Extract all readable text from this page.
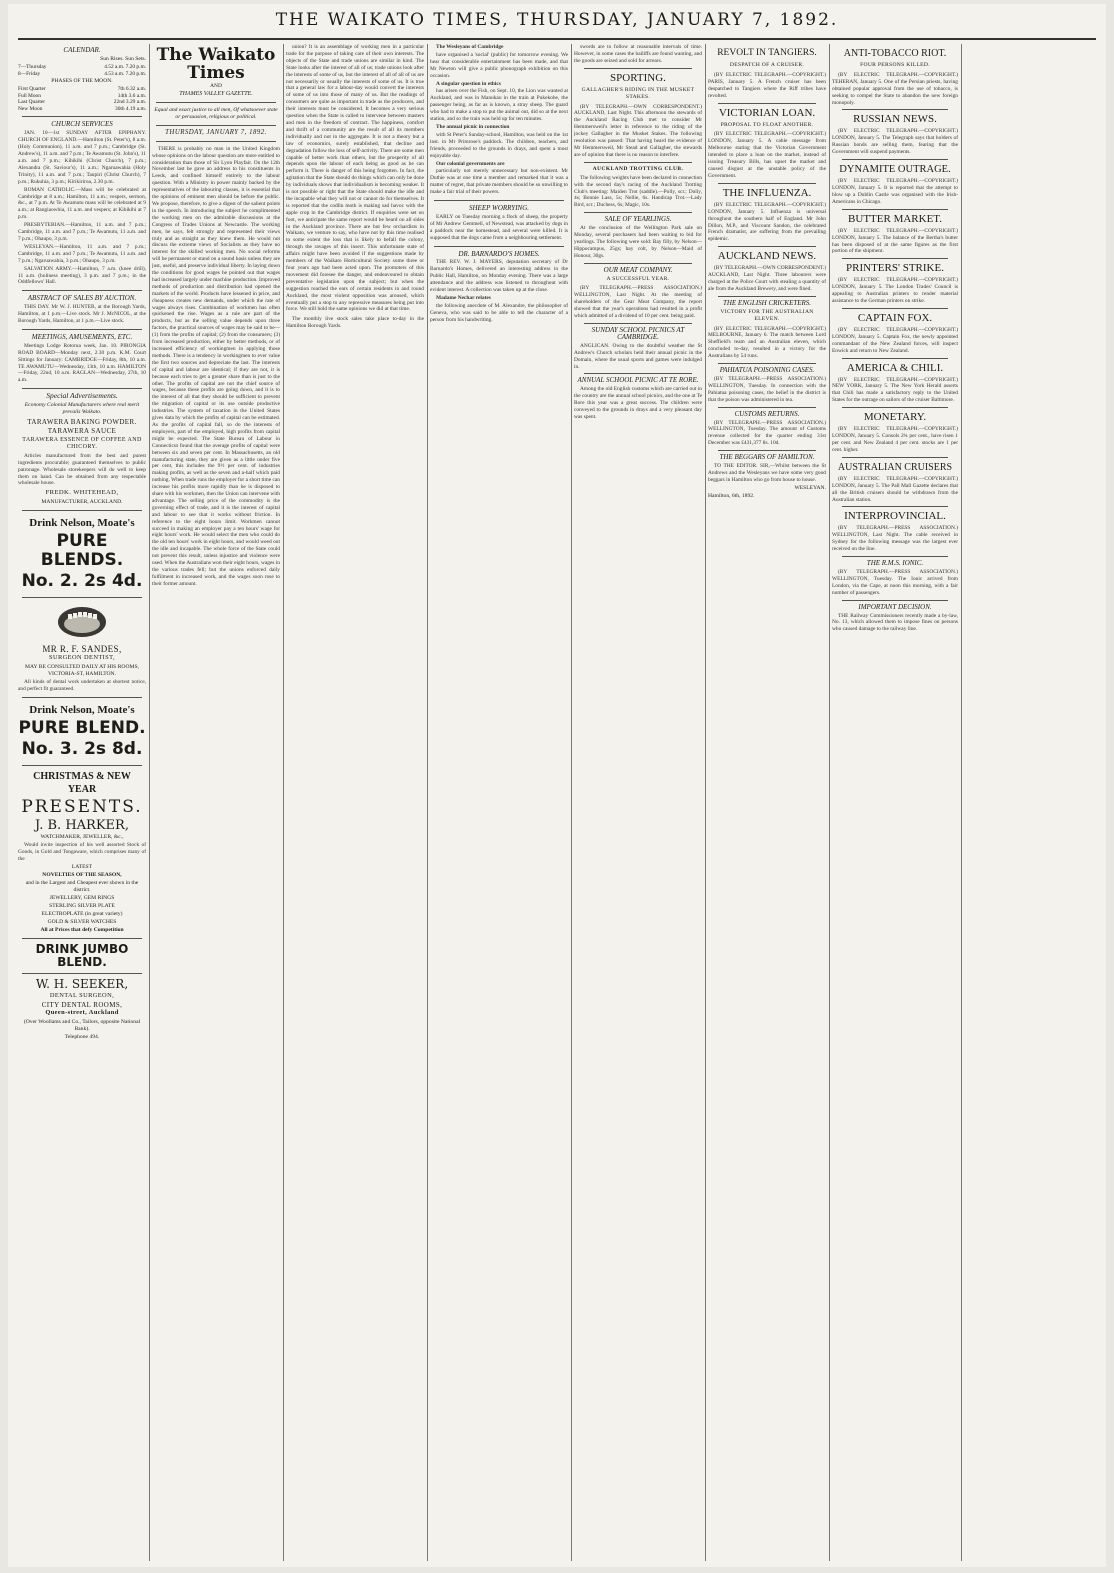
THE WAIKATO TIMES, THURSDAY, JANUARY 7, 1892.
CALENDAR.
Sun Rises. Sun Sets.
7—Thursday	4.52 a.m. 7.20 p.m.
8—Friday	4.53 a.m. 7.20 p.m.
PHASES OF THE MOON.
First Quarter	7th 6.32 a.m.
Full Moon	14th 3.6 a.m.
Last Quarter	22nd 3.29 a.m.
New Moon	30th 4.19 a.m.
CHURCH SERVICES
JAN. 10—1st SUNDAY AFTER EPIPHANY. CHURCH OF ENGLAND.—Hamilton (St. Peter's), 8 a.m. (Holy Communion), 11 a.m. and 7 p.m.; Cambridge (St. Andrew's), 11 a.m. and 7 p.m.; Te Awamutu (St. John's), 11 a.m. and 7 p.m.; Kihikihi (Christ Church), 7 p.m.; Alexandra (St. Saviour's), 11 a.m.; Ngaruawahia (Holy Trinity), 11 a.m. and 7 p.m.; Taupiri (Christ Church), 7 p.m.; Rukuhia, 3 p.m.; Kirikiriroa, 2.30 p.m.
ROMAN CATHOLIC.—Mass will be celebrated at Cambridge at 8 a.m.; Hamilton, 11 a.m.; vespers, sermon, &c., at 7 p.m. At Te Awamutu mass will be celebrated at 9 a.m.; at Rangiaowhia, 11 a.m. and vespers; at Kihikihi at 7 p.m.
PRESBYTERIAN.—Hamilton, 11 a.m. and 7 p.m.; Cambridge, 11 a.m. and 7 p.m.; Te Awamutu, 11 a.m. and 7 p.m.; Ohaupo, 3 p.m.
WESLEYAN.—Hamilton, 11 a.m. and 7 p.m.; Cambridge, 11 a.m. and 7 p.m.; Te Awamutu, 11 a.m. and 7 p.m.; Ngaruawahia, 3 p.m.; Ohaupo, 3 p.m.
SALVATION ARMY.—Hamilton, 7 a.m. (knee drill), 11 a.m. (holiness meeting), 3 p.m. and 7 p.m.; in the Oddfellows' Hall.
ABSTRACT OF SALES BY AUCTION.
THIS DAY. Mr W. J. HUNTER, at the Borough Yards, Hamilton, at 1 p.m.—Live stock. Mr J. McNICOL, at the Borough Yards, Hamilton, at 1 p.m.—Live stock.
MEETINGS, AMUSEMENTS, ETC.
Meetings Lodge Rotorua week, Jan. 10. PIRONGIA ROAD BOARD—Monday next, 2.30 p.m. K.M. Court Sittings for January: CAMBRIDGE—Friday, 8th, 10 a.m. TE AWAMUTU—Wednesday, 13th, 10 a.m. HAMILTON—Friday, 22nd, 10 a.m. RAGLAN—Wednesday, 27th, 10 a.m.
Special Advertisements.
Economy Colonial Manufacturers where real merit prevails Waikato.
TARAWERA BAKING POWDER.
TARAWERA SAUCE
TARAWERA ESSENCE OF COFFEE AND CHICORY.
Articles manufactured from the best and purest ingredients procurable; guaranteed themselves to public patronage. Wholesale storekeepers will do well to keep them on hand. Can be obtained from any respectable wholesale house.
FREDK. WHITEHEAD,
MANUFACTURER, AUCKLAND.
Drink Nelson, Moate's
PURE BLENDS.
No. 2. 2s 4d.
MR R. F. SANDES,
SURGEON DENTIST,
MAY BE CONSULTED DAILY AT HIS ROOMS, VICTORIA-ST, HAMILTON.
All kinds of dental work undertaken at shortest notice, and perfect fit guaranteed.
Drink Nelson, Moate's
PURE BLEND.
No. 3. 2s 8d.
CHRISTMAS & NEW YEAR
PRESENTS.
J. B. HARKER,
WATCHMAKER, JEWELLER, &c.,
Would invite inspection of his well assorted Stock of Goods, in Gold and Tongaware, which comprises many of the
LATEST
NOVELTIES OF THE SEASON,
and in the Largest and Cheapest ever shown in the district.
JEWELLERY, GEM RINGS
STERLING SILVER PLATE
ELECTROPLATE (in great variety)
GOLD & SILVER WATCHES
All at Prices that defy Competition
DRINK JUMBO BLEND.
W. H. SEEKER,
DENTAL SURGEON,
CITY DENTAL ROOMS,
Queen-street, Auckland
(Over Woollams and Co., Tailors, opposite National Bank).
Telephone 494.
The Waikato Times
AND
THAMES VALLEY GAZETTE.
Equal and exact justice to all men, Of whatsoever state or persuasion, religious or political.
THURSDAY, JANUARY 7, 1892.
THERE is probably no man in the United Kingdom whose opinions on the labour question are more entitled to consideration than those of Sir Lyon Playfair. On the 12th November last he gave an address to his constituents in Leeds, and confined himself entirely to the labour question. With a Ministry in power mainly backed by the representatives of the labouring classes, it is essential that the opinions of eminent men should be before the public. We propose, therefore, to give a digest of the salient points in the speech. In introducing the subject he complimented the working men on the admirable discussions at the Congress of Trades Unions at Newcastle. The working men, he says, felt strongly and represented their views truly and as straight as they knew them. He would not discuss the extreme views of Socialists as they have no interest for the skilled working men. No social reforms will be permanent or stand on a sound basis unless they are just, useful, and preserve individual liberty. In laying down the conditions for good wages he pointed out that wages had increased largely under machine production. Improved methods of production and distribution had opened the markets of the world. Products have lessened in price, and cheapness creates new demands, under which the rate of wages always rises. Combination of workmen has often quickened the rise. Wages as a rule are part of the products, but as the selling value depends upon three factors, the practical sources of wages may be said to be—(1) from the profits of capital; (2) from the consumers; (3) from increased production, either by better methods, or of increased efficiency of workingmen in applying those methods. There is a tendency in workingmen to ever value the first two sources and depreciate the last. The interests of capital and labour are identical; if they are not, it is because each tries to get a greater share than is just to the other. The profits of capital are not the chief source of wages, because these profits are going down, and it is to the interest of all that they should be sufficient to prevent the migration of capital or its use outside productive industries. The system of taxation in the United States gives data by which the profits of capital can be estimated. As the profits of capital fall, so do the interests of employers, part of the employed, high profits from capital might be expected. The State Bureau of Labour in Connecticut found that the average profits of capital were between six and seven per cent. In Massachusetts, an old manufacturing state, they are given as a little under five per cent, this includes the 9½ per cent. of industries making profits, as well as the seven and a-half which paid nothing. When trade runs the employer for a short time can increase his profits more rapidly than he is disposed to share with his workmen, then the Union can intervene with advantage. The selling price of the commodity is the governing effect of trade, and it is the interest of capital and labour to see that it works without friction. In reference to the eight hours limit. Workmen cannot succeed in making an employer pay a ten hours' wage for eight hours' work. He would select the men who could do the old ten hours' work in eight hours, and would weed out the idle and incapable. The whole force of the State could not prevent this result, unless injustice and violence were used. When the Australians won their eight hours, wages in the various trades fell; but the unions enforced daily fulfilment in increased work, and the wages soon rose to their former amount.
union? It is an assemblage of working men in a particular trade for the purpose of taking care of their own interests. The objects of the State and trade unions are similar in kind. The State looks after the interest of all of us; trade unions look after the interests of some of us, but the interest of all of all of us are not necessarily or usually the interests of some of us. It is true that a general law for a labour-day would convert the interests of some of us into those of many of us. But the readings of consumers are quite as important in trade as the producers, and their interests must be considered. It becomes a very serious question when the State is called to intervene between masters and men in the freedom of contract. The happiness, comfort and thrift of a community are the result of all its members individually and not in the aggregate. It is not a theory but a law of economics, surely established, that decline and degradation follow the loss of self-activity. There are some men capable of better work than others, but the prosperity of all depends upon the labour of each being as good as he can perform it. There is danger of this being forgotten. In fact, the agitation that the State should do things which can only be done by individuals shows that individualism is becoming weaker. It is not possible or right that the State should make the idle and the incapable what they will not or cannot do for themselves. It is reported that the codlin moth is making sad havoc with the apple crop in the Cambridge district. If enquiries were set on foot, we anticipate the same report would be heard on all sides in the Auckland province. There are but few orchardists in Waikato, we venture to say, who have not by this time realised to some extent the loss that is likely to befall the colony, through the ravages of this insect. This unfortunate state of affairs might have been avoided if the suggestions made by members of the Waikato Horticultural Society some three or four years ago had been acted upon. The promoters of this movement did foresee the danger, and endeavoured to obtain preventative legislation upon the subject; but when the suggestion reached the ears of certain residents in and round Auckland, the most violent opposition was aroused, which eventually put a stop to any repressive measures being put into force. We still hold the same opinions we did at that time.
The monthly live stock sales take place to-day in the Hamilton Borough Yards.
The Wesleyans of Cambridge
have organised a 'social' (public) for tomorrow evening. We hear that considerable entertainment has been made, and that Mr Newton will give a public phonograph exhibition on this occasion.
A singular question in ethics
has arisen over the Fish, on Sept. 10, the Lion was wanted at Auckland, and was in Manukau in the train at Pukekohe, the passenger being, as far as is known, a stray sheep. The guard who had to make a stop to put the animal out, did so at the next station, and so the train was held up for ten minutes.
The annual picnic in connection
with St Peter's Sunday-school, Hamilton, was held on the 1st inst. in Mr Primrose's paddock. The children, teachers, and friends, proceeded to the grounds in drays, and spent a most enjoyable day.
Our colonial governments are
particularly not merely unnecessary but non-existent. Mr Duthie was at one time a member and remarked that it was a matter of regret, that private members should be so unwilling to make a fair trial of their powers.
SHEEP WORRYING.
EARLY on Tuesday morning a flock of sheep, the property of Mr Andrew Gemmell, of Newstead, was attacked by dogs in a paddock near the homestead, and several were killed. It is supposed that the dogs came from a neighbouring settlement.
DR. BARNARDO'S HOMES.
THE REV. W. J. MAYERS, deputation secretary of Dr Barnardo's Homes, delivered an interesting address in the Public Hall, Hamilton, on Monday evening. There was a large attendance and the address was listened to throughout with evident interest. A collection was taken up at the close.
Madame Nechar relates
the following anecdote of M. Alexandre, the philosopher of Geneva, who was said to be able to tell the character of a person from his handwriting.
swords are to follow at reasonable intervals of time. However, in some cases the bailiffs are found wanting, and the goods are seized and sold for arrears.
SPORTING.
GALLAGHER'S RIDING IN THE MUSKET STAKES.
(BY TELEGRAPH.—OWN CORRESPONDENT.) AUCKLAND, Last Night. This afternoon the stewards of the Auckland Racing Club met to consider Mr Hemmersweil's letter in reference to the riding of the jockey Gallagher in the Musket Stakes. The following resolution was passed: That having heard the evidence of Mr Hemmersweil, Mr Stead and Gallagher, the stewards are of opinion that there is no reason to interfere.
AUCKLAND TROTTING CLUB.
The following weights have been declared in connection with the second day's racing of the Auckland Trotting Club's meeting: Maiden Trot (saddle).—Polly, scr.; Dolly, 4s; Bonnie Lass, 5s; Nellie, 6s. Handicap Trot.—Lady Bird, scr.; Duchess, 6s; Magic, 10s.
SALE OF YEARLINGS.
At the conclusion of the Wellington Park sale on Monday, several purchasers had been waiting to bid for yearlings. The following were sold: Bay filly, by Nelson—Hippocampus, 25gs; bay colt, by Nelson—Maid of Honour, 30gs.
OUR MEAT COMPANY.
A SUCCESSFUL YEAR.
(BY TELEGRAPH.—PRESS ASSOCIATION.) WELLINGTON, Last Night. At the meeting of shareholders of the Gear Meat Company, the report showed that the year's operations had resulted in a profit which admitted of a dividend of 10 per cent. being paid.
SUNDAY SCHOOL PICNICS AT CAMBRIDGE.
ANGLICAN. Owing to the doubtful weather the St Andrew's Church scholars held their annual picnic in the Domain, where the usual sports and games were indulged in.
ANNUAL SCHOOL PICNIC AT TE RORE.
Among the old English customs which are carried out in the country are the annual school picnics, and the one at Te Rore this year was a great success. The children were conveyed to the grounds in drays and a very pleasant day was spent.
REVOLT IN TANGIERS.
DESPATCH OF A CRUISER.
(BY ELECTRIC TELEGRAPH.—COPYRIGHT.) PARIS, January 5. A French cruiser has been despatched to Tangiers where the Riff tribes have revolted.
VICTORIAN LOAN.
PROPOSAL TO FLOAT ANOTHER.
(BY ELECTRIC TELEGRAPH.—COPYRIGHT.) LONDON, January 5. A cable message from Melbourne stating that the Victorian Government intended to place a loan on the market, instead of issuing Treasury Bills, has upset the market and caused disgust at the unstable policy of the Government.
THE INFLUENZA.
(BY ELECTRIC TELEGRAPH.—COPYRIGHT.) LONDON, January 5. Influenza is universal throughout the southern half of England. Mr John Dillon, M.P., and Viscount Sandon, the celebrated French dramatist, are suffering from the prevailing epidemic.
AUCKLAND NEWS.
(BY TELEGRAPH.—OWN CORRESPONDENT.) AUCKLAND, Last Night. Three labourers were charged at the Police Court with stealing a quantity of ale from the Auckland Brewery, and were fined.
THE ENGLISH CRICKETERS.
VICTORY FOR THE AUSTRALIAN ELEVEN.
(BY ELECTRIC TELEGRAPH.—COPYRIGHT.) MELBOURNE, January 6. The match between Lord Sheffield's team and an Australian eleven, which concluded to-day, resulted in a victory for the Australians by 54 runs.
PAHIATUA POISONING CASES.
(BY TELEGRAPH.—PRESS ASSOCIATION.) WELLINGTON, Tuesday. In connection with the Pahiatua poisoning cases, the belief in the district is that the poison was administered in tea.
CUSTOMS RETURNS.
(BY TELEGRAPH.—PRESS ASSOCIATION.) WELLINGTON, Tuesday. The amount of Customs revenue collected for the quarter ending 31st December was £431,377 8s. 10d.
THE BEGGARS OF HAMILTON.
TO THE EDITOR. SIR,—Whilst between the St Andrews and the Wesleyans we have some very good beggars in Hamilton who go from house to house.
WESLEYAN.
Hamilton, 6th, 1892.
ANTI-TOBACCO RIOT.
FOUR PERSONS KILLED.
(BY ELECTRIC TELEGRAPH.—COPYRIGHT.) TEHERAN, January 5. One of the Persian priests, having obtained popular approval from the use of tobacco, is seeking to compel the State to abandon the new foreign monopoly.
RUSSIAN NEWS.
(BY ELECTRIC TELEGRAPH.—COPYRIGHT.) LONDON, January 5. The Telegraph says that holders of Russian bonds are selling them, fearing that the Government will suspend payments.
DYNAMITE OUTRAGE.
(BY ELECTRIC TELEGRAPH.—COPYRIGHT.) LONDON, January 5. It is reported that the attempt to blow up a Dublin Castle was organised with the Irish-Americans in Chicago.
BUTTER MARKET.
(BY ELECTRIC TELEGRAPH.—COPYRIGHT.) LONDON, January 5. The balance of the Bertha's butter has been disposed of at the same figures as the first portion of the shipment.
PRINTERS' STRIKE.
(BY ELECTRIC TELEGRAPH.—COPYRIGHT.) LONDON, January 5. The London Trades' Council is appealing to Australian printers to render material assistance to the German printers on strike.
CAPTAIN FOX.
(BY ELECTRIC TELEGRAPH.—COPYRIGHT.) LONDON, January 5. Captain Fox, the newly appointed commandant of the New Zealand forces, will inspect Enwick and return to New Zealand.
AMERICA & CHILI.
(BY ELECTRIC TELEGRAPH.—COPYRIGHT.) NEW YORK, January 5. The New York Herald asserts that Chili has made a satisfactory reply to the United States for the outrage on sailors of the cruiser Baltimore.
MONETARY.
(BY ELECTRIC TELEGRAPH.—COPYRIGHT.) LONDON, January 5. Consols 2¾ per cent., have risen 1 per cent. and New Zealand 4 per cent. stocks are 1 per cent. higher.
AUSTRALIAN CRUISERS
(BY ELECTRIC TELEGRAPH.—COPYRIGHT.) LONDON, January 5. The Pall Mall Gazette declares that all the British cruisers should be withdrawn from the Australian station.
INTERPROVINCIAL.
(BY TELEGRAPH.—PRESS ASSOCIATION.) WELLINGTON, Last Night. The cable received in Sydney for the following message was the largest ever received on the line.
THE R.M.S. IONIC.
(BY TELEGRAPH.—PRESS ASSOCIATION.) WELLINGTON, Tuesday. The Ionic arrived from London, via the Cape, at noon this morning, with a fair number of passengers.
IMPORTANT DECISION.
THE Railway Commissioners recently made a by-law, No. 13, which allowed them to impose fines on persons who caused damage to the railway line.
